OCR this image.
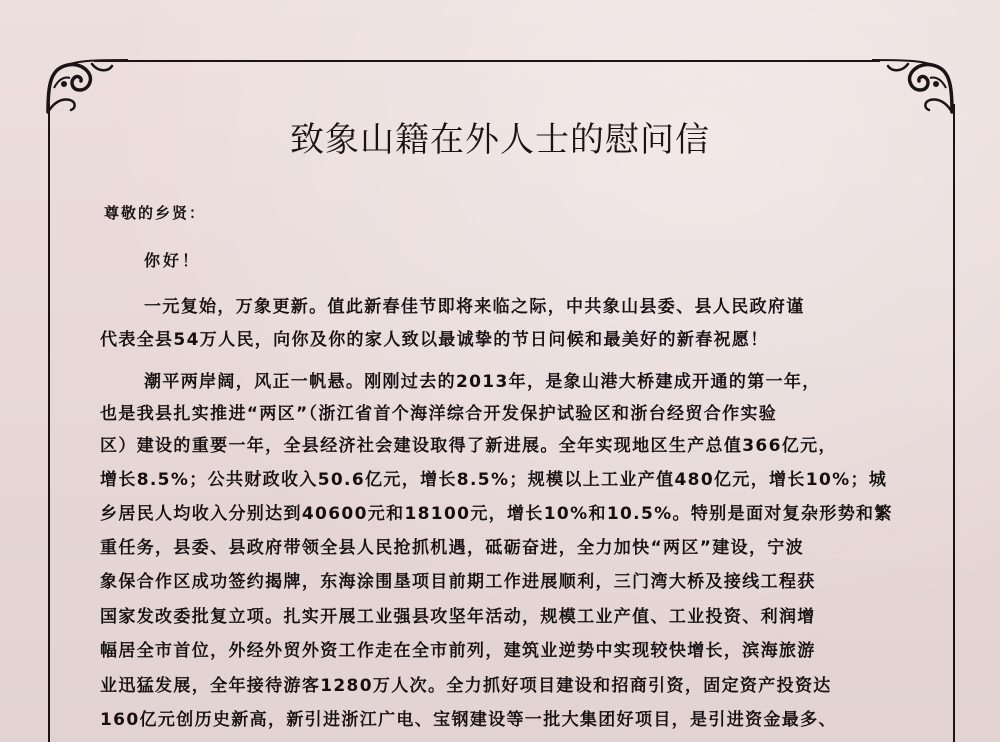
致象山籍在外人士的慰问信
尊敬的乡贤：
你好！
一元复始，万象更新。值此新春佳节即将来临之际，中共象山县委、县人民政府谨
代表全县54万人民，向你及你的家人致以最诚挚的节日问候和最美好的新春祝愿！
潮平两岸阔，风正一帆悬。刚刚过去的2013年，是象山港大桥建成开通的第一年，
也是我县扎实推进“两区”（浙江省首个海洋综合开发保护试验区和浙台经贸合作实验
区）建设的重要一年，全县经济社会建设取得了新进展。全年实现地区生产总值366亿元，
增长8.5%；公共财政收入50.6亿元，增长8.5%；规模以上工业产值480亿元，增长10%；城
乡居民人均收入分别达到40600元和18100元，增长10%和10.5%。特别是面对复杂形势和繁
重任务，县委、县政府带领全县人民抢抓机遇，砥砺奋进，全力加快“两区”建设，宁波
象保合作区成功签约揭牌，东海涂围垦项目前期工作进展顺利，三门湾大桥及接线工程获
国家发改委批复立项。扎实开展工业强县攻坚年活动，规模工业产值、工业投资、利润增
幅居全市首位，外经外贸外资工作走在全市前列，建筑业逆势中实现较快增长，滨海旅游
业迅猛发展，全年接待游客1280万人次。全力抓好项目建设和招商引资，固定资产投资达
160亿元创历史新高，新引进浙江广电、宝钢建设等一批大集团好项目，是引进资金最多、
